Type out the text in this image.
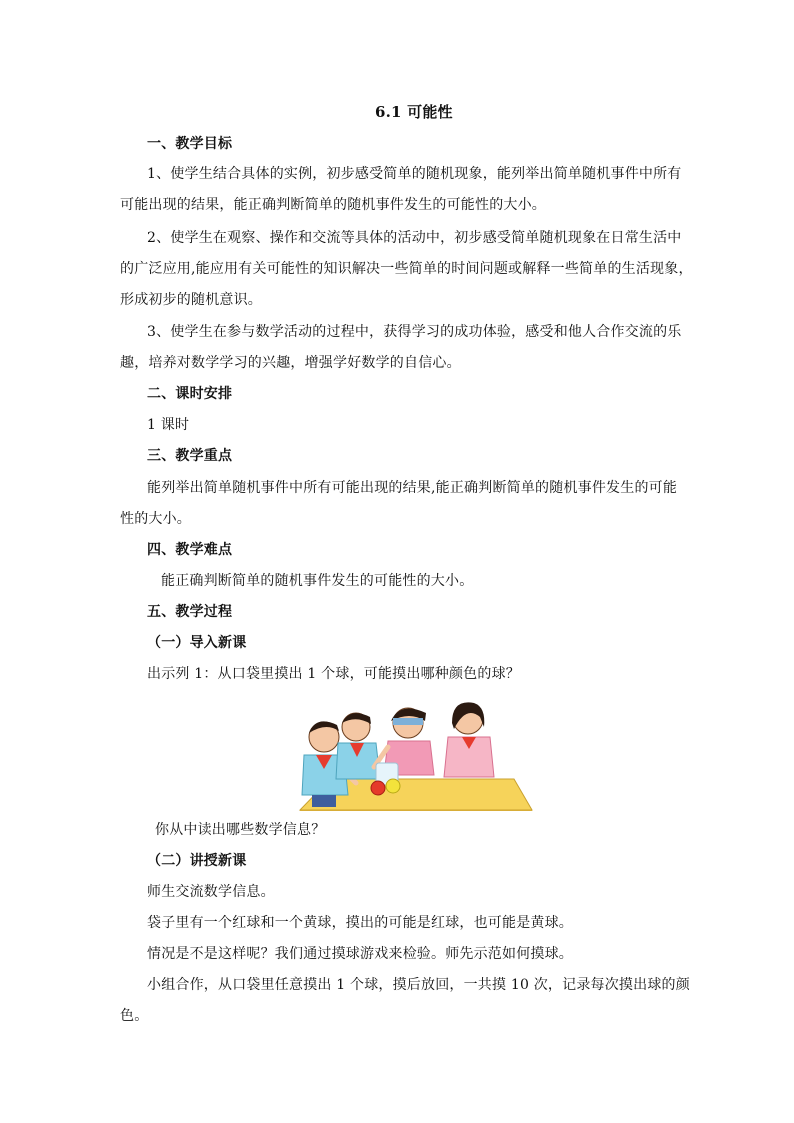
6.1 可能性
一、教学目标
1、使学生结合具体的实例，初步感受简单的随机现象，能列举出简单随机事件中所有
可能出现的结果，能正确判断简单的随机事件发生的可能性的大小。
2、使学生在观察、操作和交流等具体的活动中，初步感受简单随机现象在日常生活中
的广泛应用,能应用有关可能性的知识解决一些简单的时间问题或解释一些简单的生活现象，
形成初步的随机意识。
3、使学生在参与数学活动的过程中，获得学习的成功体验，感受和他人合作交流的乐
趣，培养对数学学习的兴趣，增强学好数学的自信心。
二、课时安排
1 课时
三、教学重点
能列举出简单随机事件中所有可能出现的结果,能正确判断简单的随机事件发生的可能
性的大小。
四、教学难点
能正确判断简单的随机事件发生的可能性的大小。
五、教学过程
（一）导入新课
出示列 1：从口袋里摸出 1 个球，可能摸出哪种颜色的球？
你从中读出哪些数学信息？
（二）讲授新课
师生交流数学信息。
袋子里有一个红球和一个黄球，摸出的可能是红球，也可能是黄球。
情况是不是这样呢？我们通过摸球游戏来检验。师先示范如何摸球。
小组合作，从口袋里任意摸出 1 个球，摸后放回，一共摸 10 次，记录每次摸出球的颜
色。
